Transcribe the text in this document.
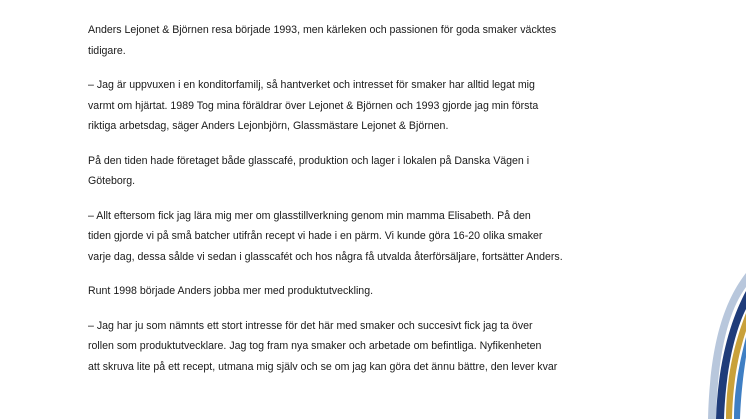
Anders Lejonet & Björnen resa började 1993, men kärleken och passionen för goda smaker väcktes
tidigare.

– Jag är uppvuxen i en konditorfamilj, så hantverket och intresset för smaker har alltid legat mig
varmt om hjärtat. 1989 Tog mina föräldrar över Lejonet & Björnen och 1993 gjorde jag min första
riktiga arbetsdag, säger Anders Lejonbjörn, Glassmästare Lejonet & Björnen.

På den tiden hade företaget både glasscafé, produktion och lager i lokalen på Danska Vägen i
Göteborg.

– Allt eftersom fick jag lära mig mer om glasstillverkning genom min mamma Elisabeth. På den
tiden gjorde vi på små batcher utifrån recept vi hade i en pärm. Vi kunde göra 16-20 olika smaker
varje dag, dessa sålde vi sedan i glasscafét och hos några få utvalda återförsäljare, fortsätter Anders.

Runt 1998 började Anders jobba mer med produktutveckling.

– Jag har ju som nämnts ett stort intresse för det här med smaker och succesivt fick jag ta över
rollen som produktutvecklare. Jag tog fram nya smaker och arbetade om befintliga. Nyfikenheten
att skruva lite på ett recept, utmana mig själv och se om jag kan göra det ännu bättre, den lever kvar
